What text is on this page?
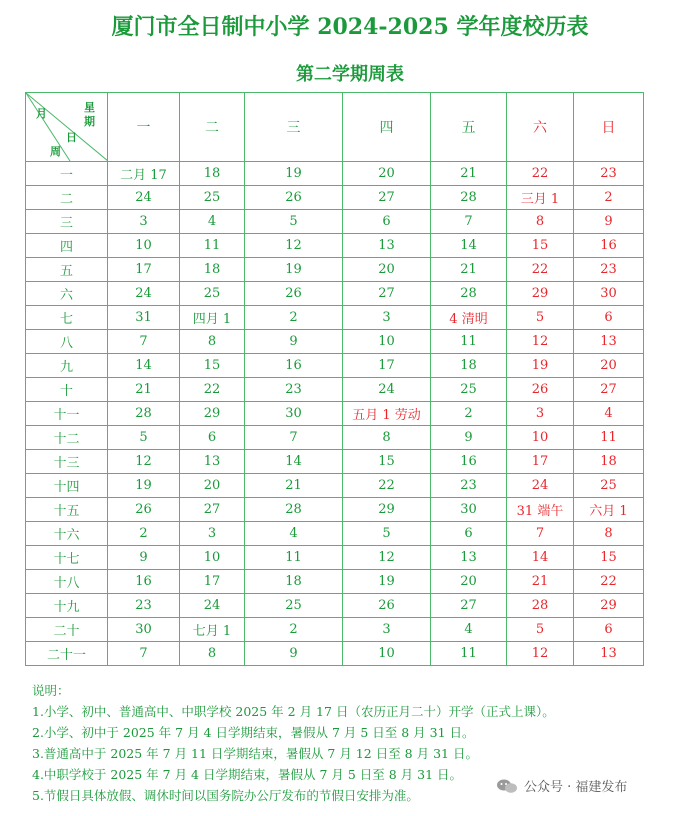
厦门市全日制中小学 2024-2025 学年度校历表
第二学期周表
星
期
月
日
周	一	二	三	四	五	六	日
一	二月 17	18	19	20	21	22	23
二	24	25	26	27	28	三月 1	2
三	3	4	5	6	7	8	9
四	10	11	12	13	14	15	16
五	17	18	19	20	21	22	23
六	24	25	26	27	28	29	30
七	31	四月 1	2	3	4 清明	5	6
八	7	8	9	10	11	12	13
九	14	15	16	17	18	19	20
十	21	22	23	24	25	26	27
十一	28	29	30	五月 1 劳动	2	3	4
十二	5	6	7	8	9	10	11
十三	12	13	14	15	16	17	18
十四	19	20	21	22	23	24	25
十五	26	27	28	29	30	31 端午	六月 1
十六	2	3	4	5	6	7	8
十七	9	10	11	12	13	14	15
十八	16	17	18	19	20	21	22
十九	23	24	25	26	27	28	29
二十	30	七月 1	2	3	4	5	6
二十一	7	8	9	10	11	12	13
说明：
1.小学、初中、普通高中、中职学校 2025 年 2 月 17 日（农历正月二十）开学（正式上课）。
2.小学、初中于 2025 年 7 月 4 日学期结束，暑假从 7 月 5 日至 8 月 31 日。
3.普通高中于 2025 年 7 月 11 日学期结束，暑假从 7 月 12 日至 8 月 31 日。
4.中职学校于 2025 年 7 月 4 日学期结束，暑假从 7 月 5 日至 8 月 31 日。
5.节假日具体放假、调休时间以国务院办公厅发布的节假日安排为准。
公众号 · 福建发布
